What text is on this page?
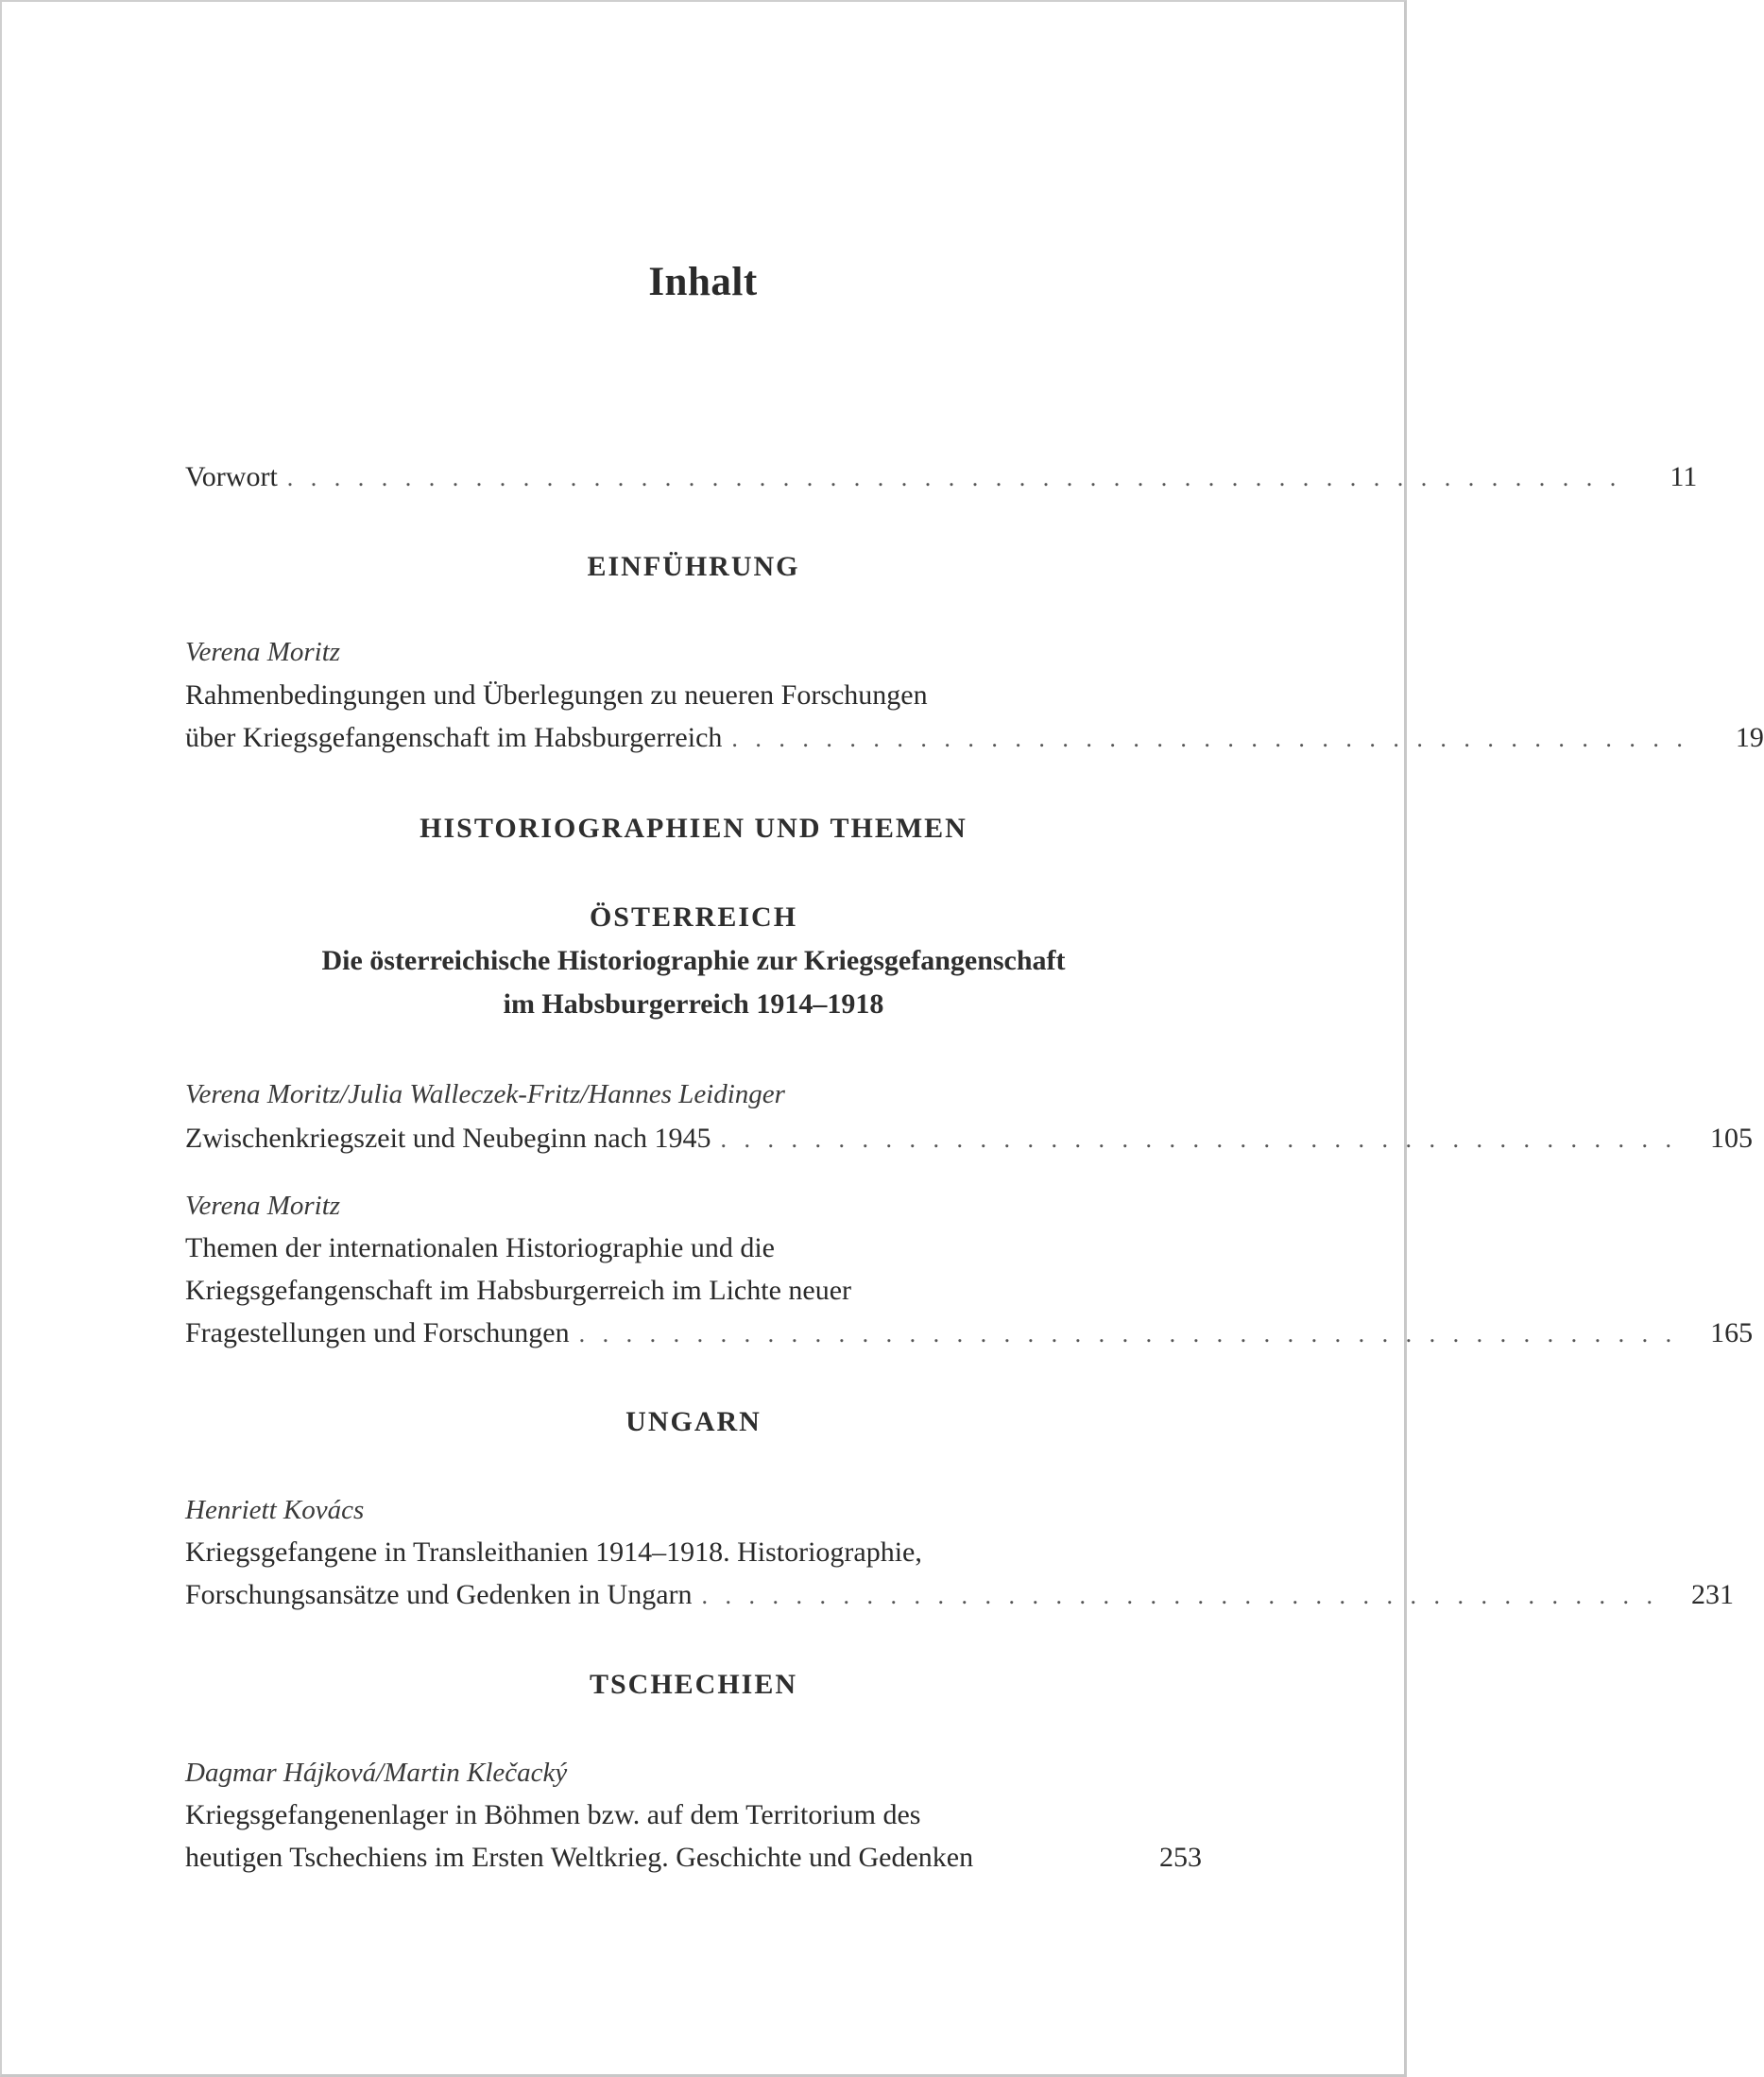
Inhalt
Vorwort . . . . . . . . . . . . . . . . . . . . . . . . . . . . . . . . . . . . . . . . . . . . . . . . . . . . . . . . .	11
EINFÜHRUNG
Verena Moritz
Rahmenbedingungen und Überlegungen zu neueren Forschungen
über Kriegsgefangenschaft im Habsburgerreich . . . . . . . . . . . . . . . . . . . . . . . . . . . . . . . . . . . . . . . . .	19
HISTORIOGRAPHIEN UND THEMEN
ÖSTERREICH
Die österreichische Historiographie zur Kriegsgefangenschaft
im Habsburgerreich 1914–1918
Verena Moritz/Julia Walleczek-Fritz/Hannes Leidinger
Zwischenkriegszeit und Neubeginn nach 1945 . . . . . . . . . . . . . . . . . . . . . . . . . . . . . . . . . . . . . . . . .	105
Verena Moritz
Themen der internationalen Historiographie und die
Kriegsgefangenschaft im Habsburgerreich im Lichte neuer
Fragestellungen und Forschungen . . . . . . . . . . . . . . . . . . . . . . . . . . . . . . . . . . . . . . . . . . . . . . .	165
UNGARN
Henriett Kovács
Kriegsgefangene in Transleithanien 1914–1918. Historiographie,
Forschungsansätze und Gedenken in Ungarn . . . . . . . . . . . . . . . . . . . . . . . . . . . . . . . . . . . . . . . . .	231
TSCHECHIEN
Dagmar Hájková/Martin Klečacký
Kriegsgefangenenlager in Böhmen bzw. auf dem Territorium des
heutigen Tschechiens im Ersten Weltkrieg. Geschichte und Gedenken	253
